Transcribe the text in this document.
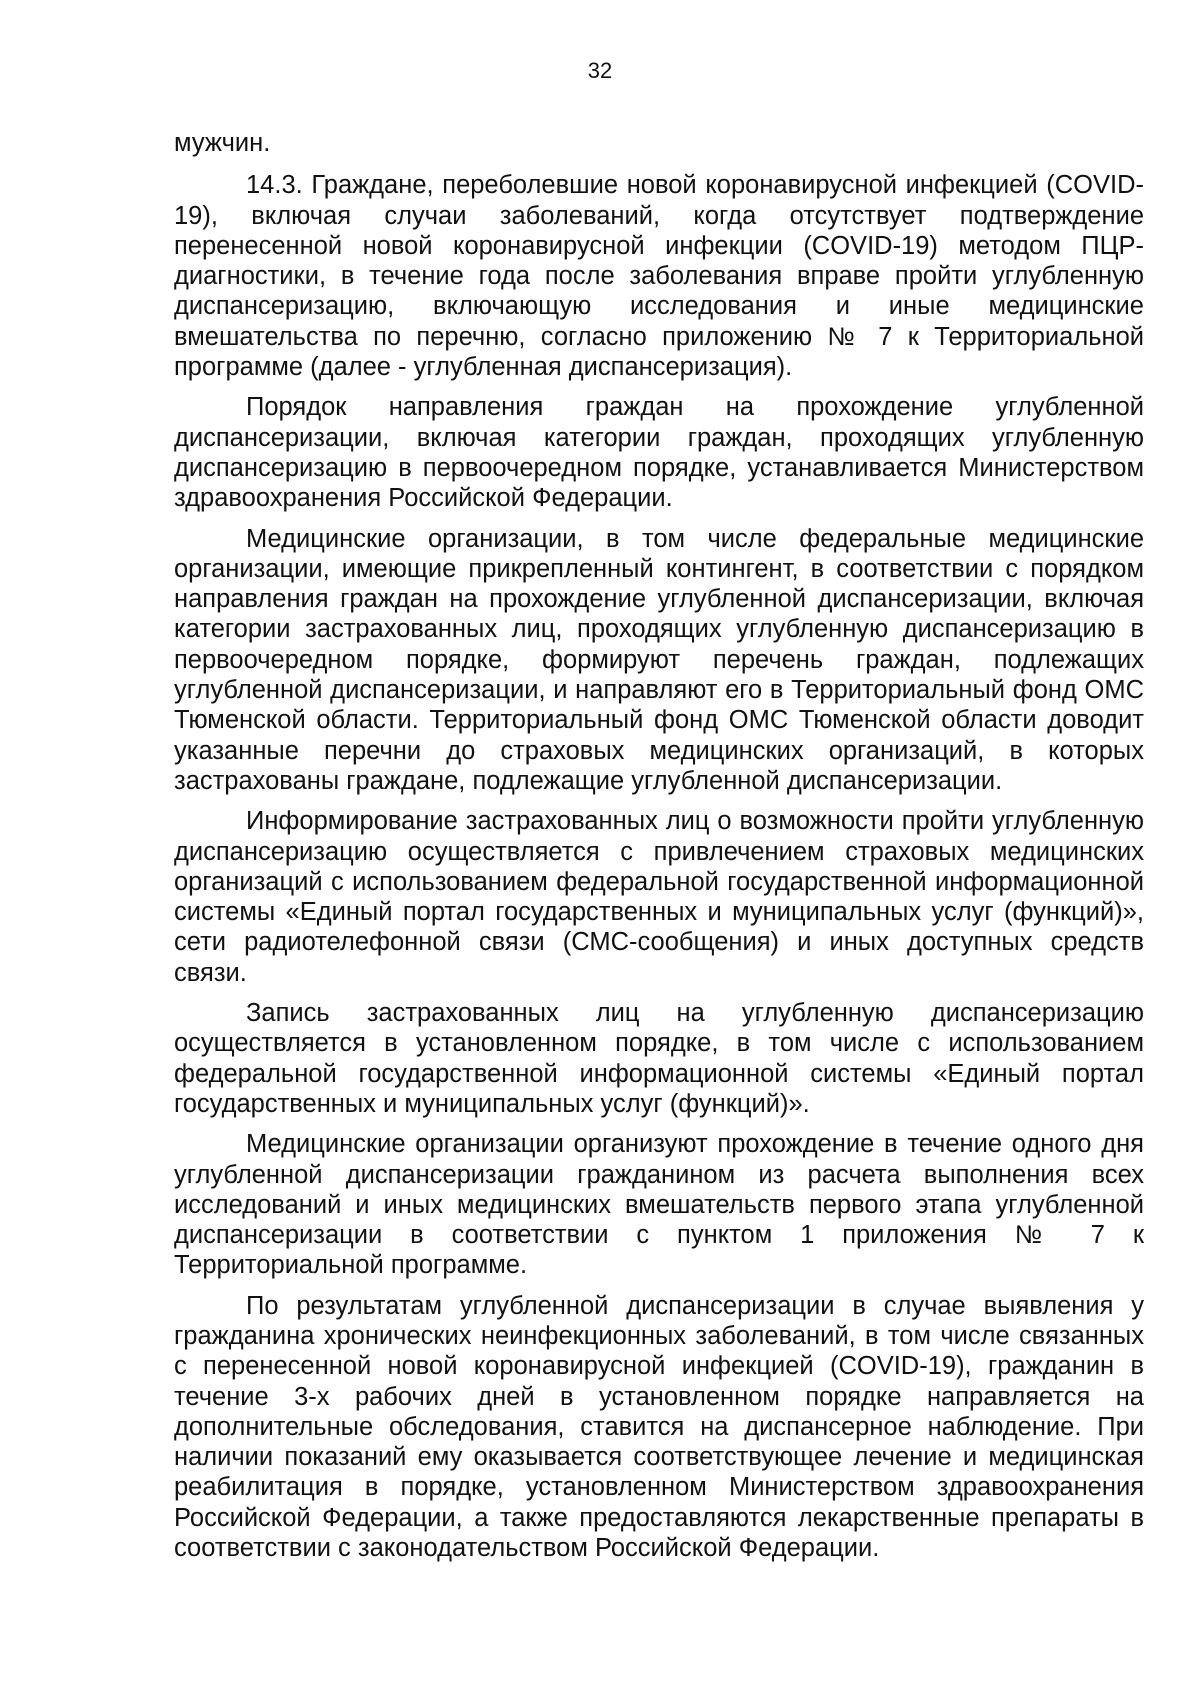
32

мужчин.

14.3. Граждане, переболевшие новой коронавирусной инфекцией (COVID-19), включая случаи заболеваний, когда отсутствует подтверждение перенесенной новой коронавирусной инфекции (COVID-19) методом ПЦР-диагностики, в течение года после заболевания вправе пройти углубленную диспансеризацию, включающую исследования и иные медицинские вмешательства по перечню, согласно приложению № 7 к Территориальной программе (далее - углубленная диспансеризация).

Порядок направления граждан на прохождение углубленной диспансеризации, включая категории граждан, проходящих углубленную диспансеризацию в первоочередном порядке, устанавливается Министерством здравоохранения Российской Федерации.

Медицинские организации, в том числе федеральные медицинские организации, имеющие прикрепленный контингент, в соответствии с порядком направления граждан на прохождение углубленной диспансеризации, включая категории застрахованных лиц, проходящих углубленную диспансеризацию в первоочередном порядке, формируют перечень граждан, подлежащих углубленной диспансеризации, и направляют его в Территориальный фонд ОМС Тюменской области. Территориальный фонд ОМС Тюменской области доводит указанные перечни до страховых медицинских организаций, в которых застрахованы граждане, подлежащие углубленной диспансеризации.

Информирование застрахованных лиц о возможности пройти углубленную диспансеризацию осуществляется с привлечением страховых медицинских организаций с использованием федеральной государственной информационной системы «Единый портал государственных и муниципальных услуг (функций)», сети радиотелефонной связи (СМС-сообщения) и иных доступных средств связи.

Запись застрахованных лиц на углубленную диспансеризацию осуществляется в установленном порядке, в том числе с использованием федеральной государственной информационной системы «Единый портал государственных и муниципальных услуг (функций)».

Медицинские организации организуют прохождение в течение одного дня углубленной диспансеризации гражданином из расчета выполнения всех исследований и иных медицинских вмешательств первого этапа углубленной диспансеризации в соответствии с пунктом 1 приложения № 7 к Территориальной программе.

По результатам углубленной диспансеризации в случае выявления у гражданина хронических неинфекционных заболеваний, в том числе связанных с перенесенной новой коронавирусной инфекцией (COVID-19), гражданин в течение 3-х рабочих дней в установленном порядке направляется на дополнительные обследования, ставится на диспансерное наблюдение. При наличии показаний ему оказывается соответствующее лечение и медицинская реабилитация в порядке, установленном Министерством здравоохранения Российской Федерации, а также предоставляются лекарственные препараты в соответствии с законодательством Российской Федерации.
